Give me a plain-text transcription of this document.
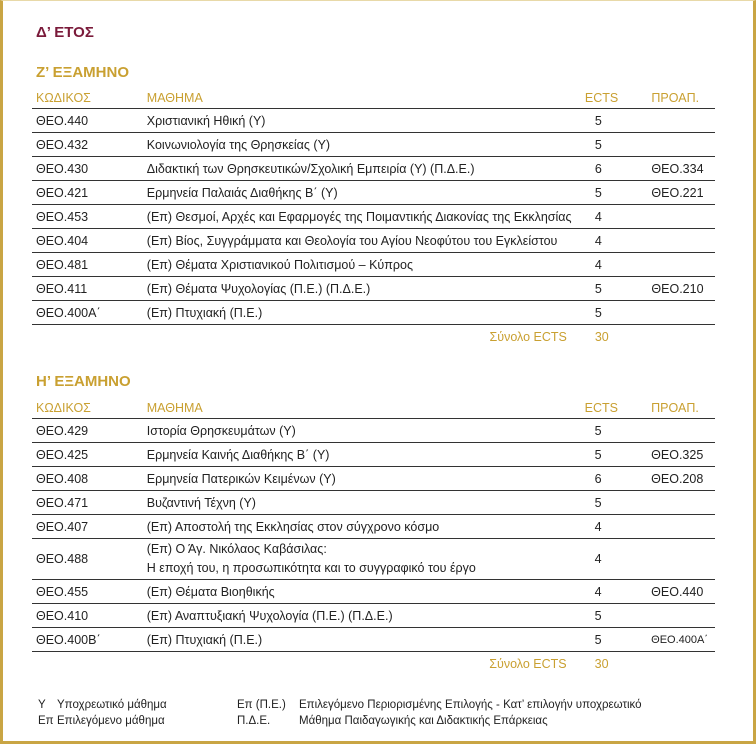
Δ’ ΕΤΟΣ
Ζ’ ΕΞΑΜΗΝΟ
ΚΩΔΙΚΟΣ	ΜΑΘΗΜΑ	ECTS	ΠΡΟΑΠ.
ΘΕΟ.440	Χριστιανική Ηθική (Υ)	5	
ΘΕΟ.432	Κοινωνιολογία της Θρησκείας (Υ)	5	
ΘΕΟ.430	Διδακτική των Θρησκευτικών/Σχολική Εμπειρία (Υ) (Π.Δ.Ε.)	6	ΘΕΟ.334
ΘΕΟ.421	Ερμηνεία Παλαιάς Διαθήκης Β΄ (Υ)	5	ΘΕΟ.221
ΘΕΟ.453	(Επ) Θεσμοί, Αρχές και Εφαρμογές της Ποιμαντικής Διακονίας της Εκκλησίας	4	
ΘΕΟ.404	(Επ) Βίος, Συγγράμματα και Θεολογία του Αγίου Νεοφύτου του Εγκλείστου	4	
ΘΕΟ.481	(Επ) Θέματα Χριστιανικού Πολιτισμού – Κύπρος	4	
ΘΕΟ.411	(Επ) Θέματα Ψυχολογίας (Π.Ε.) (Π.Δ.Ε.)	5	ΘΕΟ.210
ΘΕΟ.400Α΄	(Επ) Πτυχιακή (Π.Ε.)	5	
	Σύνολο ECTS	30	
Η’ ΕΞΑΜΗΝΟ
ΚΩΔΙΚΟΣ	ΜΑΘΗΜΑ	ECTS	ΠΡΟΑΠ.
ΘΕΟ.429	Ιστορία Θρησκευμάτων (Υ)	5	
ΘΕΟ.425	Ερμηνεία Καινής Διαθήκης Β΄ (Υ)	5	ΘΕΟ.325
ΘΕΟ.408	Ερμηνεία Πατερικών Κειμένων (Υ)	6	ΘΕΟ.208
ΘΕΟ.471	Βυζαντινή Τέχνη (Υ)	5	
ΘΕΟ.407	(Επ) Αποστολή της Εκκλησίας στον σύγχρονο κόσμο	4	
ΘΕΟ.488	(Επ) Ο Άγ. Νικόλαος Καβάσιλας:
Η εποχή του, η προσωπικότητα και το συγγραφικό του έργο	4	
ΘΕΟ.455	(Επ) Θέματα Βιοηθικής	4	ΘΕΟ.440
ΘΕΟ.410	(Επ) Αναπτυξιακή Ψυχολογία (Π.Ε.) (Π.Δ.Ε.)	5	
ΘΕΟ.400Β΄	(Επ) Πτυχιακή (Π.Ε.)	5	ΘΕΟ.400Α΄
	Σύνολο ECTS	30	
Υ Υποχρεωτικό μάθημα
Επ Επιλεγόμενο μάθημα
Επ (Π.Ε.)	Επιλεγόμενο Περιορισμένης Επιλογής - Κατ’ επιλογήν υποχρεωτικό
Π.Δ.Ε.	Μάθημα Παιδαγωγικής και Διδακτικής Επάρκειας
